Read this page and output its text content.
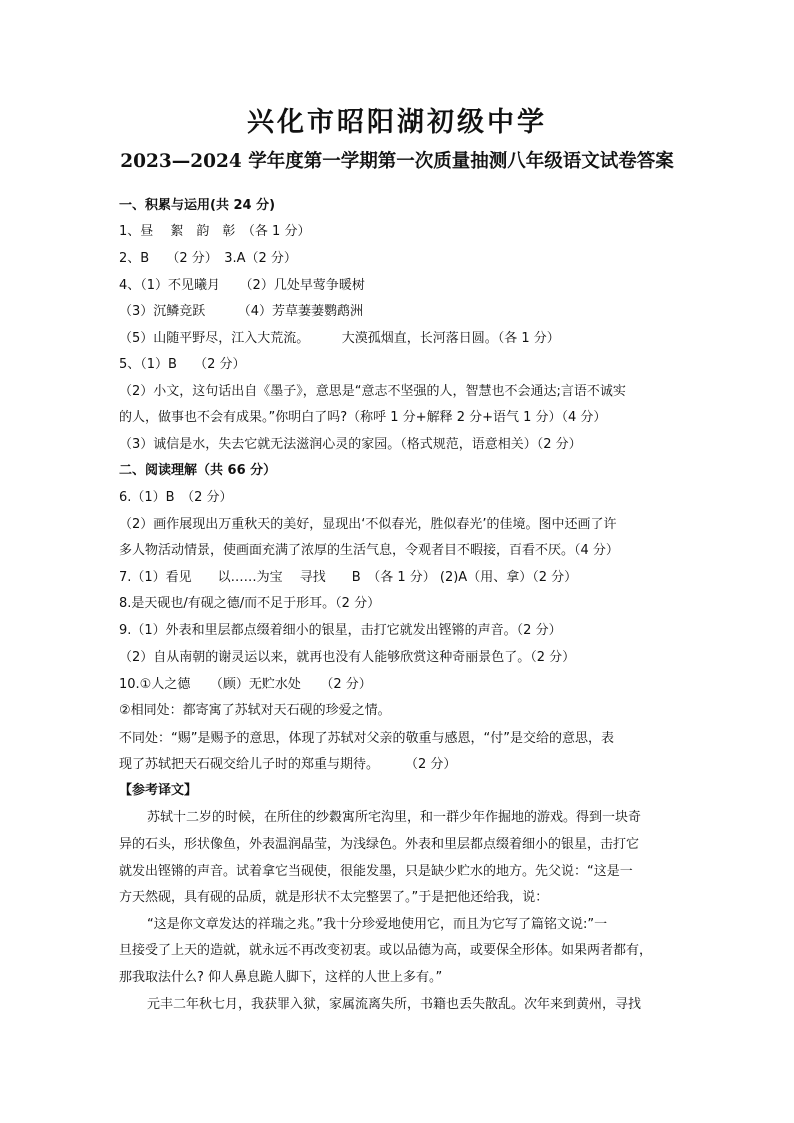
兴化市昭阳湖初级中学
2023—2024 学年度第一学期第一次质量抽测八年级语文试卷答案
一、积累与运用(共 24 分)
1、昼　 絮　韵　彰　（各 1 分）
2、B　 （2 分）　3.A（2 分）
4、（1）不见曦月　　（2）几处早莺争暖树
（3）沉鳞竞跃　　　（4）芳草萋萋鹦鹉洲
（5）山随平野尽，江入大荒流。　　　大漠孤烟直，长河落日圆。（各 1 分）
5、（1）B　 （2 分）
（2）小文，这句话出自《墨子》，意思是“意志不坚强的人，智慧也不会通达;言语不诚实
的人，做事也不会有成果。”你明白了吗?（称呼 1 分+解释 2 分+语气 1 分）（4 分）
（3）诚信是水，失去它就无法滋润心灵的家园。（格式规范，语意相关）（2 分）
二、阅读理解（共 66 分）
6.（1）B　（2 分）
（2）画作展现出万重秋天的美好，显现出‘不似春光，胜似春光’的佳境。图中还画了许
多人物活动情景，使画面充满了浓厚的生活气息，令观者目不暇接，百看不厌。（4 分）
7.（1）看见　　以……为宝　 寻找　　B　（各 1 分） (2)A（用、拿）（2 分）
8.是天砚也/有砚之德/而不足于形耳。（2 分）
9.（1）外表和里层都点缀着细小的银星，击打它就发出铿锵的声音。（2 分）
（2）自从南朝的谢灵运以来，就再也没有人能够欣赏这种奇丽景色了。（2 分）
10.①人之德　　（顾）无贮水处　　（2 分）
②相同处：都寄寓了苏轼对天石砚的珍爱之情。
不同处：“赐”是赐予的意思，体现了苏轼对父亲的敬重与感恩，“付”是交给的意思，表
现了苏轼把天石砚交给儿子时的郑重与期待。　　　（2 分）
【参考译文】
苏轼十二岁的时候，在所住的纱縠寓所宅沟里，和一群少年作掘地的游戏。得到一块奇
异的石头，形状像鱼，外表温润晶莹，为浅绿色。外表和里层都点缀着细小的银星，击打它
就发出铿锵的声音。试着拿它当砚使，很能发墨，只是缺少贮水的地方。先父说：“这是一
方天然砚，具有砚的品质，就是形状不太完整罢了。”于是把他还给我，说：
“这是你文章发达的祥瑞之兆。”我十分珍爱地使用它，而且为它写了篇铭文说:”一
旦接受了上天的造就，就永远不再改变初衷。或以品德为高，或要保全形体。如果两者都有，
那我取法什么? 仰人鼻息跪人脚下，这样的人世上多有。”
元丰二年秋七月，我获罪入狱，家属流离失所，书籍也丢失散乱。次年来到黄州，寻找
